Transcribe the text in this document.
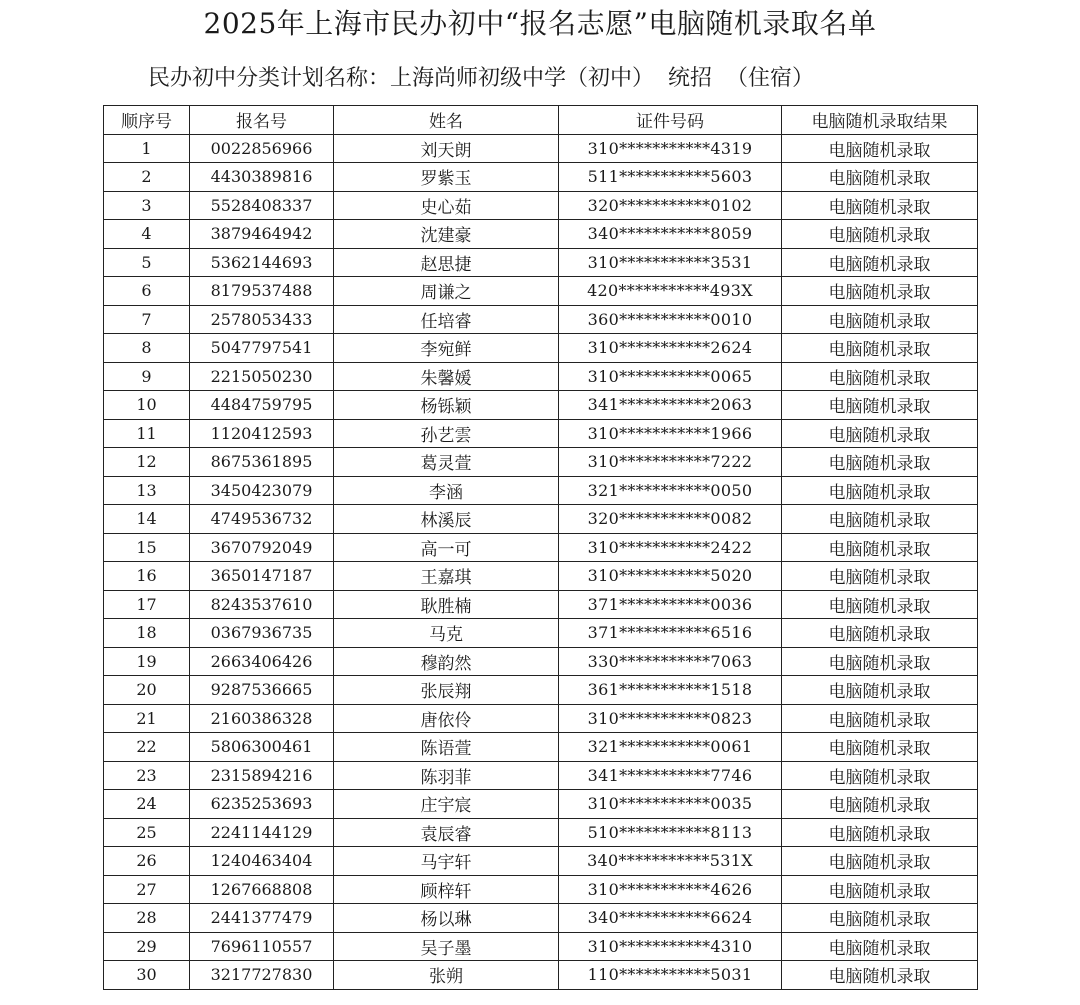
2025年上海市民办初中“报名志愿”电脑随机录取名单
民办初中分类计划名称：上海尚师初级中学（初中）  统招  （住宿）
顺序号	报名号	姓名	证件号码	电脑随机录取结果
1	0022856966	刘天朗	310***********4319	电脑随机录取
2	4430389816	罗紫玉	511***********5603	电脑随机录取
3	5528408337	史心茹	320***********0102	电脑随机录取
4	3879464942	沈建豪	340***********8059	电脑随机录取
5	5362144693	赵思捷	310***********3531	电脑随机录取
6	8179537488	周谦之	420***********493X	电脑随机录取
7	2578053433	任培睿	360***********0010	电脑随机录取
8	5047797541	李宛鲜	310***********2624	电脑随机录取
9	2215050230	朱馨媛	310***********0065	电脑随机录取
10	4484759795	杨铄颖	341***********2063	电脑随机录取
11	1120412593	孙艺雲	310***********1966	电脑随机录取
12	8675361895	葛灵萱	310***********7222	电脑随机录取
13	3450423079	李涵	321***********0050	电脑随机录取
14	4749536732	林溪辰	320***********0082	电脑随机录取
15	3670792049	高一可	310***********2422	电脑随机录取
16	3650147187	王嘉琪	310***********5020	电脑随机录取
17	8243537610	耿胜楠	371***********0036	电脑随机录取
18	0367936735	马克	371***********6516	电脑随机录取
19	2663406426	穆韵然	330***********7063	电脑随机录取
20	9287536665	张辰翔	361***********1518	电脑随机录取
21	2160386328	唐依伶	310***********0823	电脑随机录取
22	5806300461	陈语萱	321***********0061	电脑随机录取
23	2315894216	陈羽菲	341***********7746	电脑随机录取
24	6235253693	庄宇宸	310***********0035	电脑随机录取
25	2241144129	袁辰睿	510***********8113	电脑随机录取
26	1240463404	马宇轩	340***********531X	电脑随机录取
27	1267668808	顾梓轩	310***********4626	电脑随机录取
28	2441377479	杨以琳	340***********6624	电脑随机录取
29	7696110557	吴子墨	310***********4310	电脑随机录取
30	3217727830	张朔	110***********5031	电脑随机录取
